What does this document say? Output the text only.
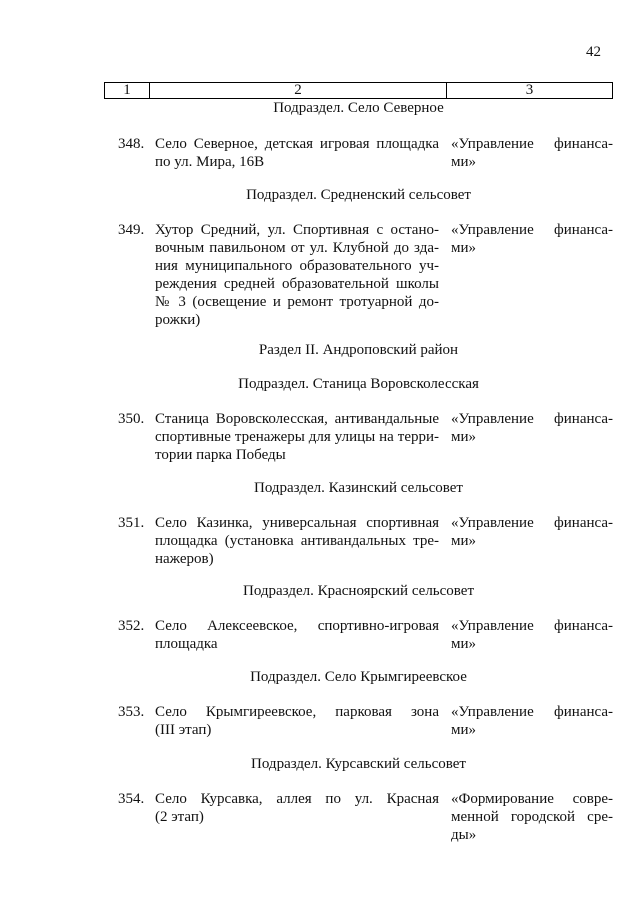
42
1	2	3
Подраздел. Село Северное
348. Село Северное, детская игровая площадка
по ул. Мира, 16В
«Управление финанса-
ми»
Подраздел. Средненский сельсовет
349. Хутор Средний, ул. Спортивная с остано-
вочным павильоном от ул. Клубной до зда-
ния муниципального образовательного уч-
реждения средней образовательной школы
№ 3 (освещение и ремонт тротуарной до-
рожки)
«Управление финанса-
ми»
Раздел II. Андроповский район
Подраздел. Станица Воровсколесская
350. Станица Воровсколесская, антивандальные
спортивные тренажеры для улицы на терри-
тории парка Победы
«Управление финанса-
ми»
Подраздел. Казинский сельсовет
351. Село Казинка, универсальная спортивная
площадка (установка антивандальных тре-
нажеров)
«Управление финанса-
ми»
Подраздел. Красноярский сельсовет
352. Село Алексеевское, спортивно-игровая
площадка
«Управление финанса-
ми»
Подраздел. Село Крымгиреевское
353. Село Крымгиреевское, парковая зона
(III этап)
«Управление финанса-
ми»
Подраздел. Курсавский сельсовет
354. Село Курсавка, аллея по ул. Красная
(2 этап)
«Формирование совре-
менной городской сре-
ды»
